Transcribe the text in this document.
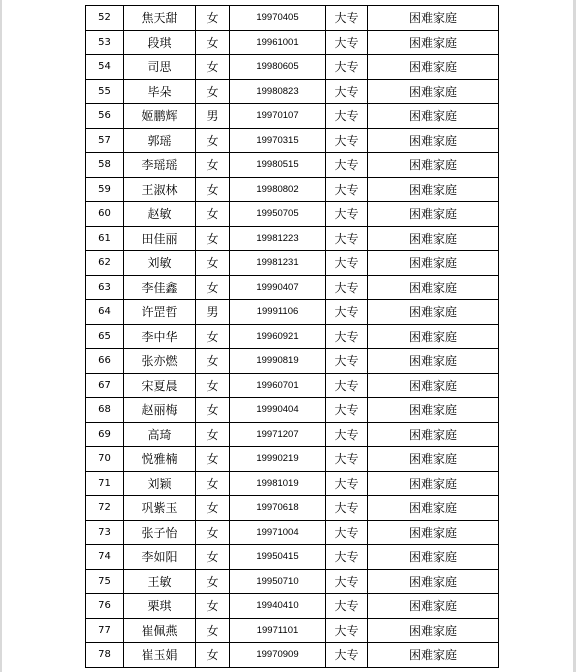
52	焦天甜	女	19970405	大专	困难家庭
53	段琪	女	19961001	大专	困难家庭
54	司思	女	19980605	大专	困难家庭
55	毕朵	女	19980823	大专	困难家庭
56	姬鹏辉	男	19970107	大专	困难家庭
57	郭瑶	女	19970315	大专	困难家庭
58	李瑶瑶	女	19980515	大专	困难家庭
59	王淑林	女	19980802	大专	困难家庭
60	赵敏	女	19950705	大专	困难家庭
61	田佳丽	女	19981223	大专	困难家庭
62	刘敏	女	19981231	大专	困难家庭
63	李佳鑫	女	19990407	大专	困难家庭
64	许罡哲	男	19991106	大专	困难家庭
65	李中华	女	19960921	大专	困难家庭
66	张亦燃	女	19990819	大专	困难家庭
67	宋夏晨	女	19960701	大专	困难家庭
68	赵丽梅	女	19990404	大专	困难家庭
69	高琦	女	19971207	大专	困难家庭
70	悦雅楠	女	19990219	大专	困难家庭
71	刘颖	女	19981019	大专	困难家庭
72	巩紫玉	女	19970618	大专	困难家庭
73	张子怡	女	19971004	大专	困难家庭
74	李如阳	女	19950415	大专	困难家庭
75	王敏	女	19950710	大专	困难家庭
76	栗琪	女	19940410	大专	困难家庭
77	崔佩燕	女	19971101	大专	困难家庭
78	崔玉娟	女	19970909	大专	困难家庭
